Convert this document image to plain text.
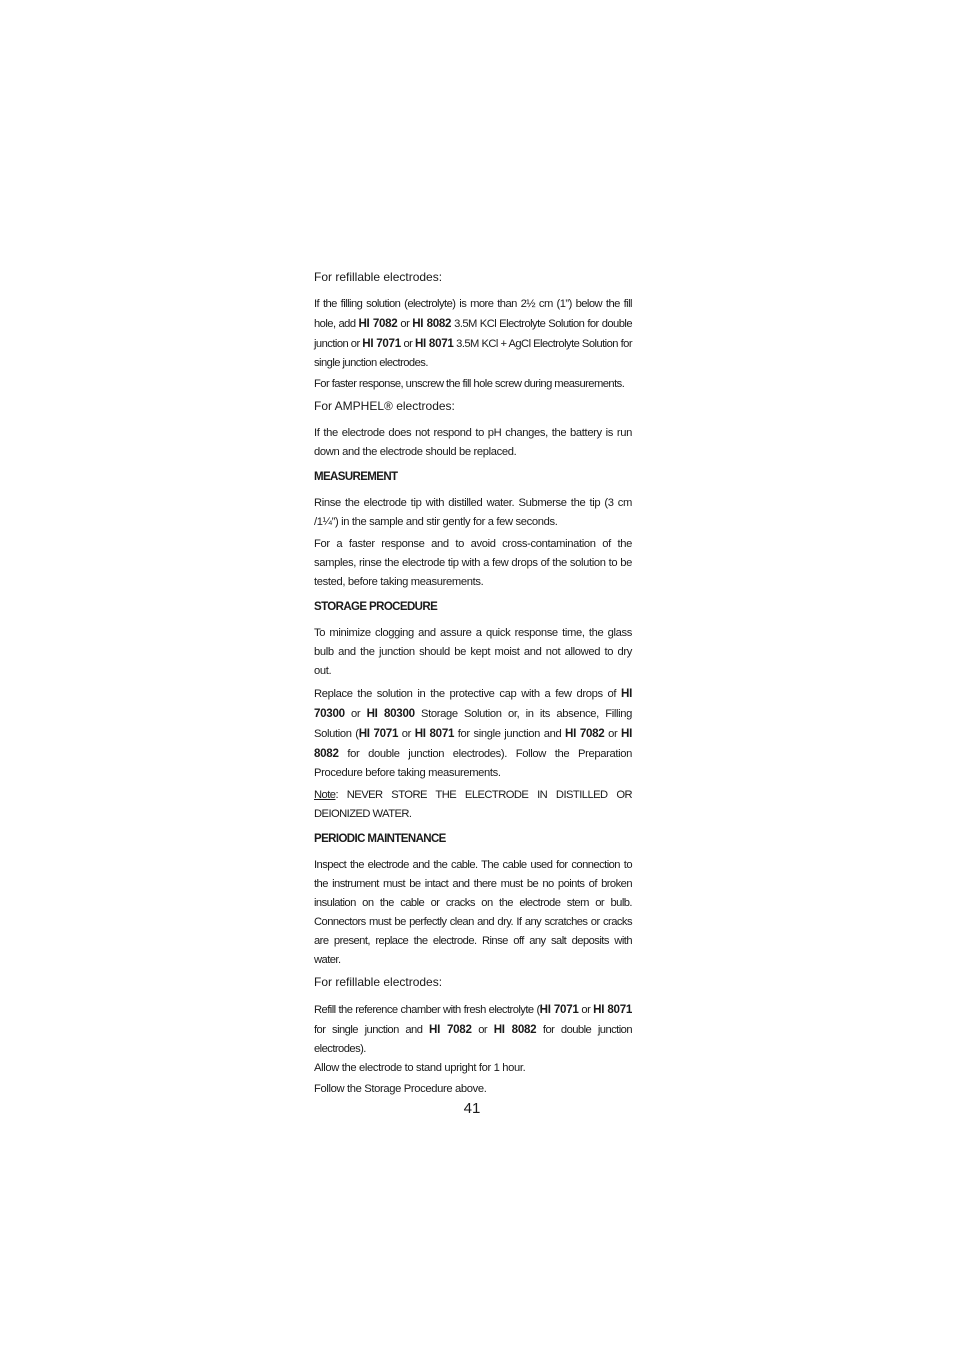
For refillable electrodes:

If the filling solution (electrolyte) is more than 2½ cm (1”) below the fill hole, add HI 7082 or HI 8082 3.5M KCl Electrolyte Solution for double junction or HI 7071 or HI 8071 3.5M KCl + AgCl Electrolyte Solution for single junction electrodes.

For faster response, unscrew the fill hole screw during measurements.

For AMPHEL® electrodes:

If the electrode does not respond to pH changes, the battery is run down and the electrode should be replaced.

MEASUREMENT

Rinse the electrode tip with distilled water. Submerse the tip (3 cm /1¼”) in the sample and stir gently for a few seconds.

For a faster response and to avoid cross-contamination of the samples, rinse the electrode tip with a few drops of the solution to be tested, before taking measurements.

STORAGE PROCEDURE

To minimize clogging and assure a quick response time, the glass bulb and the junction should be kept moist and not allowed to dry out.

Replace the solution in the protective cap with a few drops of HI 70300 or HI 80300 Storage Solution or, in its absence, Filling Solution (HI 7071 or HI 8071 for single junction and HI 7082 or HI 8082 for double junction electrodes). Follow the Preparation Procedure before taking measurements.

Note: NEVER STORE THE ELECTRODE IN DISTILLED OR DEIONIZED WATER.

PERIODIC MAINTENANCE

Inspect the electrode and the cable. The cable used for connection to the instrument must be intact and there must be no points of broken insulation on the cable or cracks on the electrode stem or bulb. Connectors must be perfectly clean and dry. If any scratches or cracks are present, replace the electrode. Rinse off any salt deposits with water.

For refillable electrodes:

Refill the reference chamber with fresh electrolyte (HI 7071 or HI 8071 for single junction and HI 7082 or HI 8082 for double junction electrodes).

Allow the electrode to stand upright for 1 hour.

Follow the Storage Procedure above.

41
